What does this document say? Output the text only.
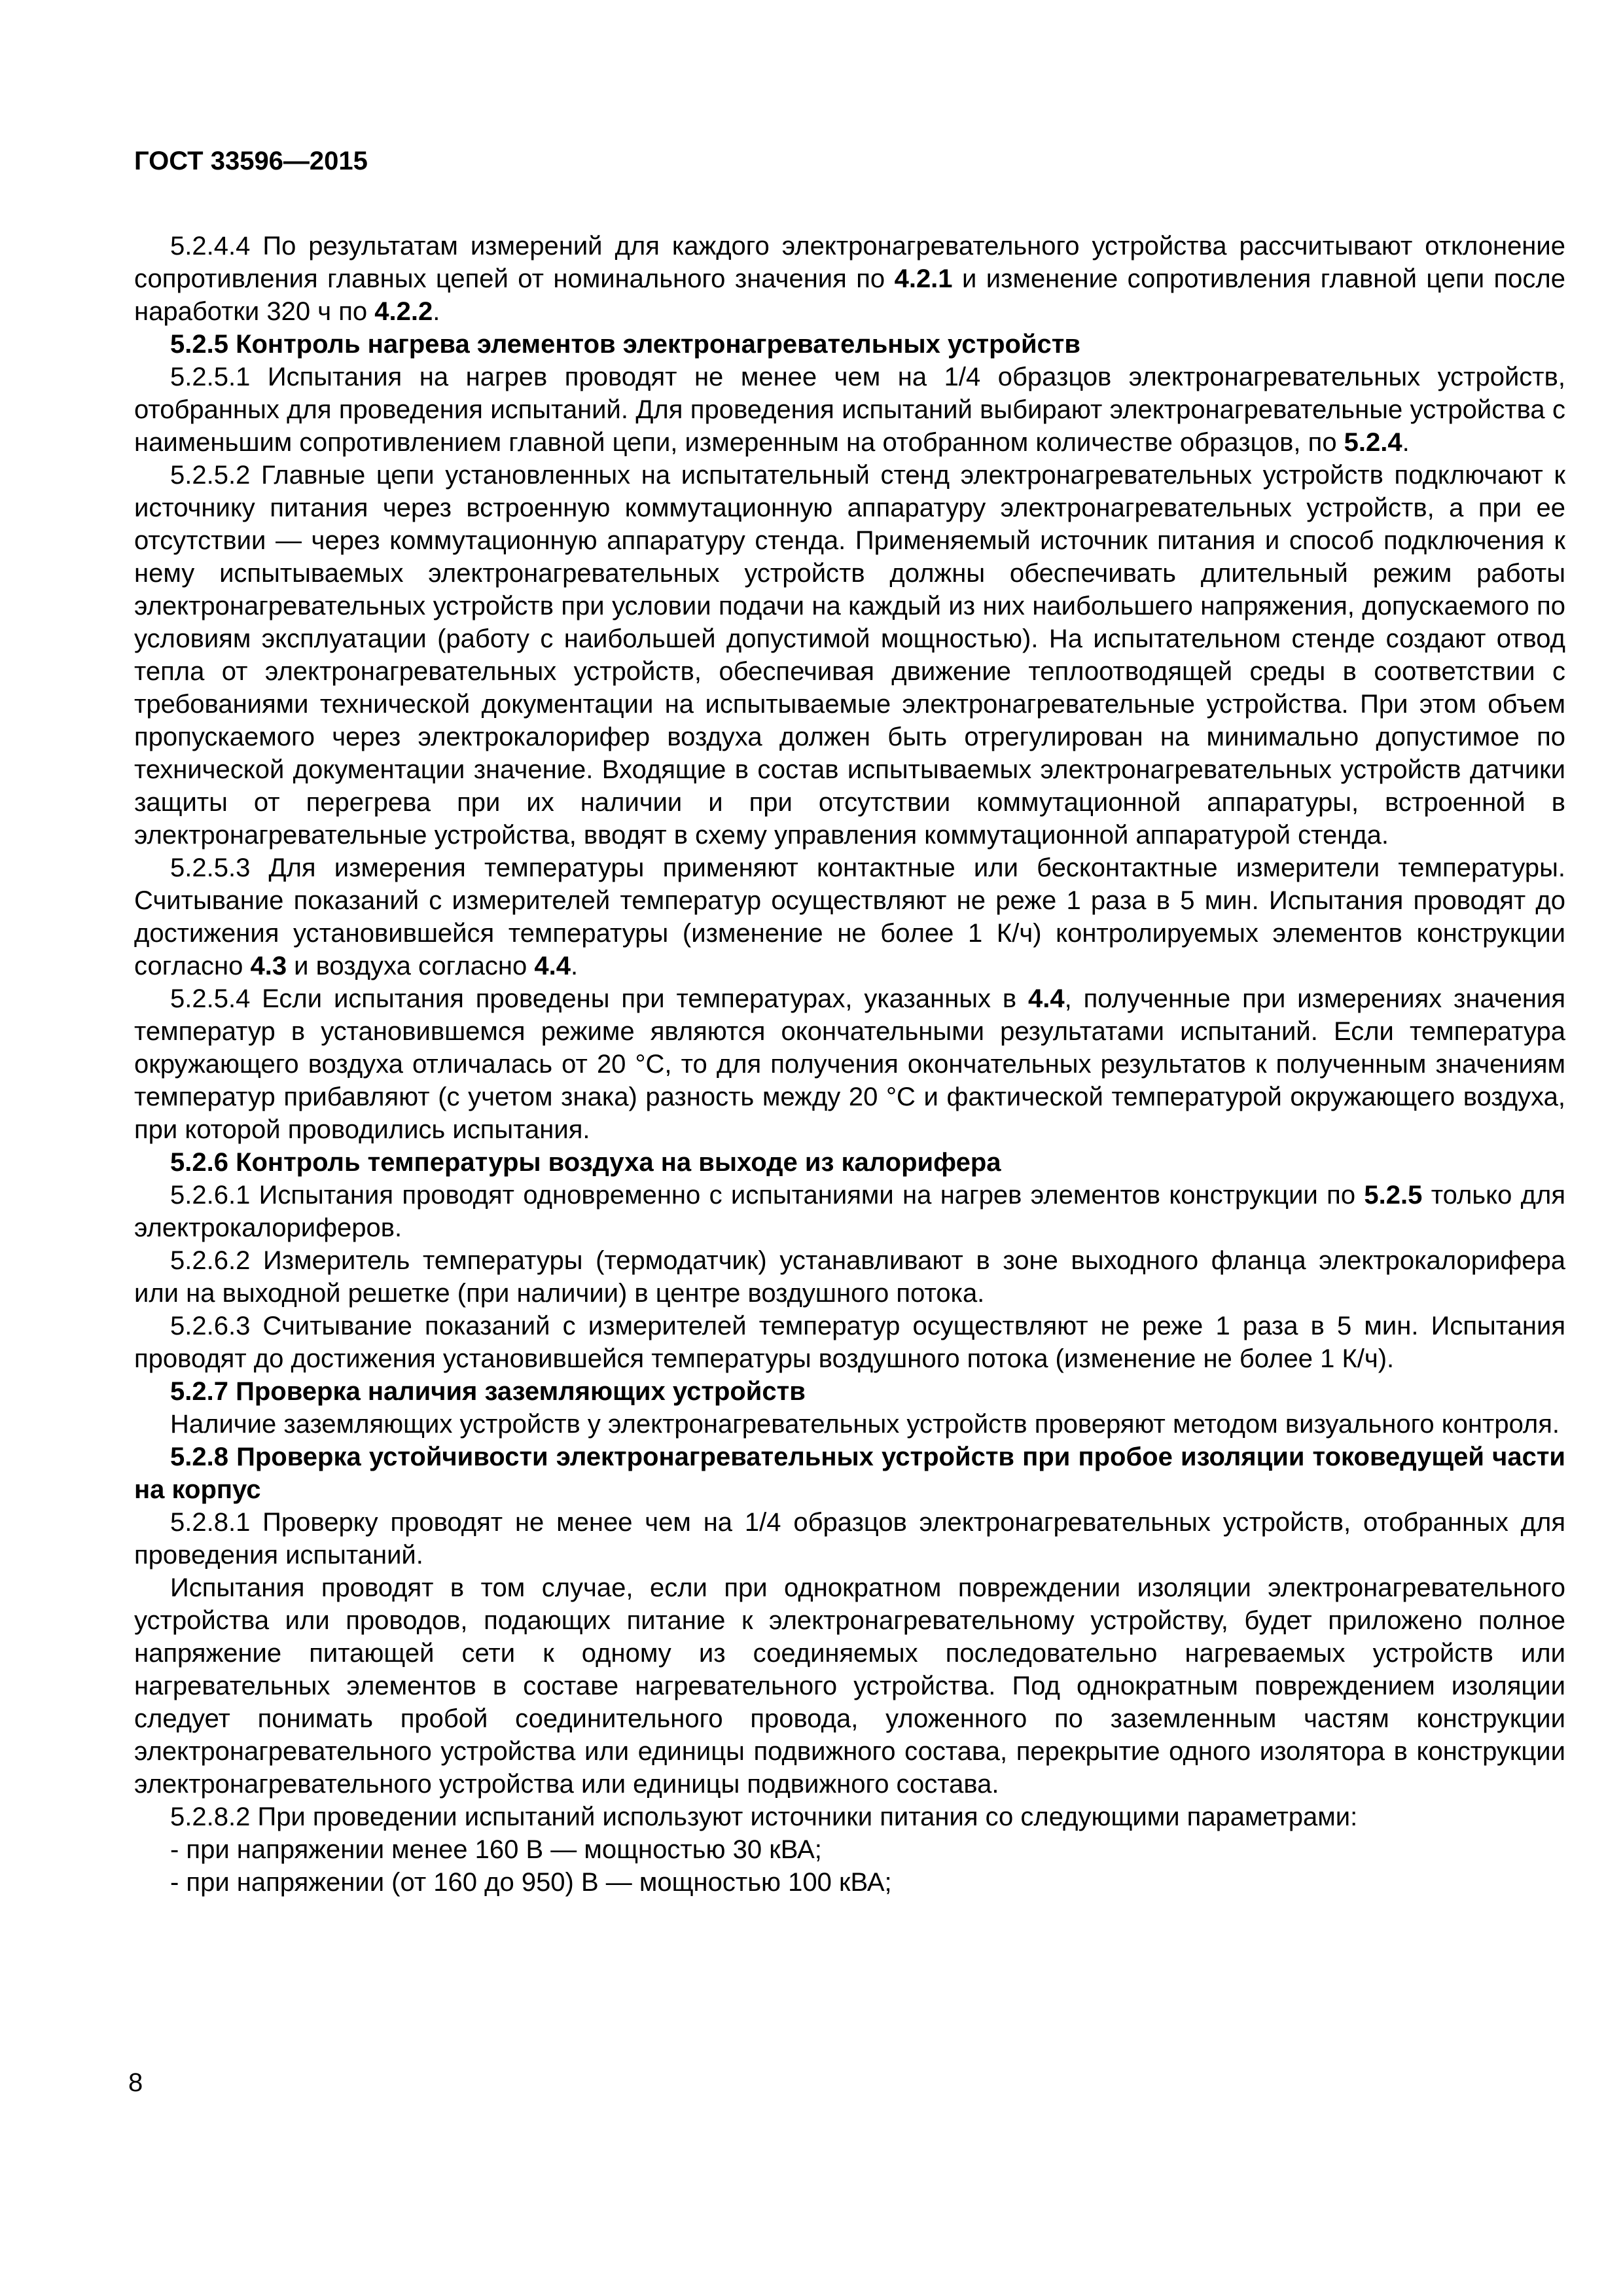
ГОСТ 33596—2015

5.2.4.4 По результатам измерений для каждого электронагревательного устройства рассчитывают отклонение сопротивления главных цепей от номинального значения по 4.2.1 и изменение сопротивления главной цепи после наработки 320 ч по 4.2.2.

5.2.5 Контроль нагрева элементов электронагревательных устройств

5.2.5.1 Испытания на нагрев проводят не менее чем на 1/4 образцов электронагревательных устройств, отобранных для проведения испытаний. Для проведения испытаний выбирают электронагревательные устройства с наименьшим сопротивлением главной цепи, измеренным на отобранном количестве образцов, по 5.2.4.

5.2.5.2 Главные цепи установленных на испытательный стенд электронагревательных устройств подключают к источнику питания через встроенную коммутационную аппаратуру электронагревательных устройств, а при ее отсутствии — через коммутационную аппаратуру стенда. Применяемый источник питания и способ подключения к нему испытываемых электронагревательных устройств должны обеспечивать длительный режим работы электронагревательных устройств при условии подачи на каждый из них наибольшего напряжения, допускаемого по условиям эксплуатации (работу с наибольшей допустимой мощностью). На испытательном стенде создают отвод тепла от электронагревательных устройств, обеспечивая движение теплоотводящей среды в соответствии с требованиями технической документации на испытываемые электронагревательные устройства. При этом объем пропускаемого через электрокалорифер воздуха должен быть отрегулирован на минимально допустимое по технической документации значение. Входящие в состав испытываемых электронагревательных устройств датчики защиты от перегрева при их наличии и при отсутствии коммутационной аппаратуры, встроенной в электронагревательные устройства, вводят в схему управления коммутационной аппаратурой стенда.

5.2.5.3 Для измерения температуры применяют контактные или бесконтактные измерители температуры. Считывание показаний с измерителей температур осуществляют не реже 1 раза в 5 мин. Испытания проводят до достижения установившейся температуры (изменение не более 1 К/ч) контролируемых элементов конструкции согласно 4.3 и воздуха согласно 4.4.

5.2.5.4 Если испытания проведены при температурах, указанных в 4.4, полученные при измерениях значения температур в установившемся режиме являются окончательными результатами испытаний. Если температура окружающего воздуха отличалась от 20 °С, то для получения окончательных результатов к полученным значениям температур прибавляют (с учетом знака) разность между 20 °С и фактической температурой окружающего воздуха, при которой проводились испытания.

5.2.6 Контроль температуры воздуха на выходе из калорифера

5.2.6.1 Испытания проводят одновременно с испытаниями на нагрев элементов конструкции по 5.2.5 только для электрокалориферов.

5.2.6.2 Измеритель температуры (термодатчик) устанавливают в зоне выходного фланца электрокалорифера или на выходной решетке (при наличии) в центре воздушного потока.

5.2.6.3 Считывание показаний с измерителей температур осуществляют не реже 1 раза в 5 мин. Испытания проводят до достижения установившейся температуры воздушного потока (изменение не более 1 К/ч).

5.2.7 Проверка наличия заземляющих устройств

Наличие заземляющих устройств у электронагревательных устройств проверяют методом визуального контроля.

5.2.8 Проверка устойчивости электронагревательных устройств при пробое изоляции токоведущей части на корпус

5.2.8.1 Проверку проводят не менее чем на 1/4 образцов электронагревательных устройств, отобранных для проведения испытаний.

Испытания проводят в том случае, если при однократном повреждении изоляции электронагревательного устройства или проводов, подающих питание к электронагревательному устройству, будет приложено полное напряжение питающей сети к одному из соединяемых последовательно нагреваемых устройств или нагревательных элементов в составе нагревательного устройства. Под однократным повреждением изоляции следует понимать пробой соединительного провода, уложенного по заземленным частям конструкции электронагревательного устройства или единицы подвижного состава, перекрытие одного изолятора в конструкции электронагревательного устройства или единицы подвижного состава.

5.2.8.2 При проведении испытаний используют источники питания со следующими параметрами:

- при напряжении менее 160 В — мощностью 30 кВА;

- при напряжении (от 160 до 950) В — мощностью 100 кВА;

8
